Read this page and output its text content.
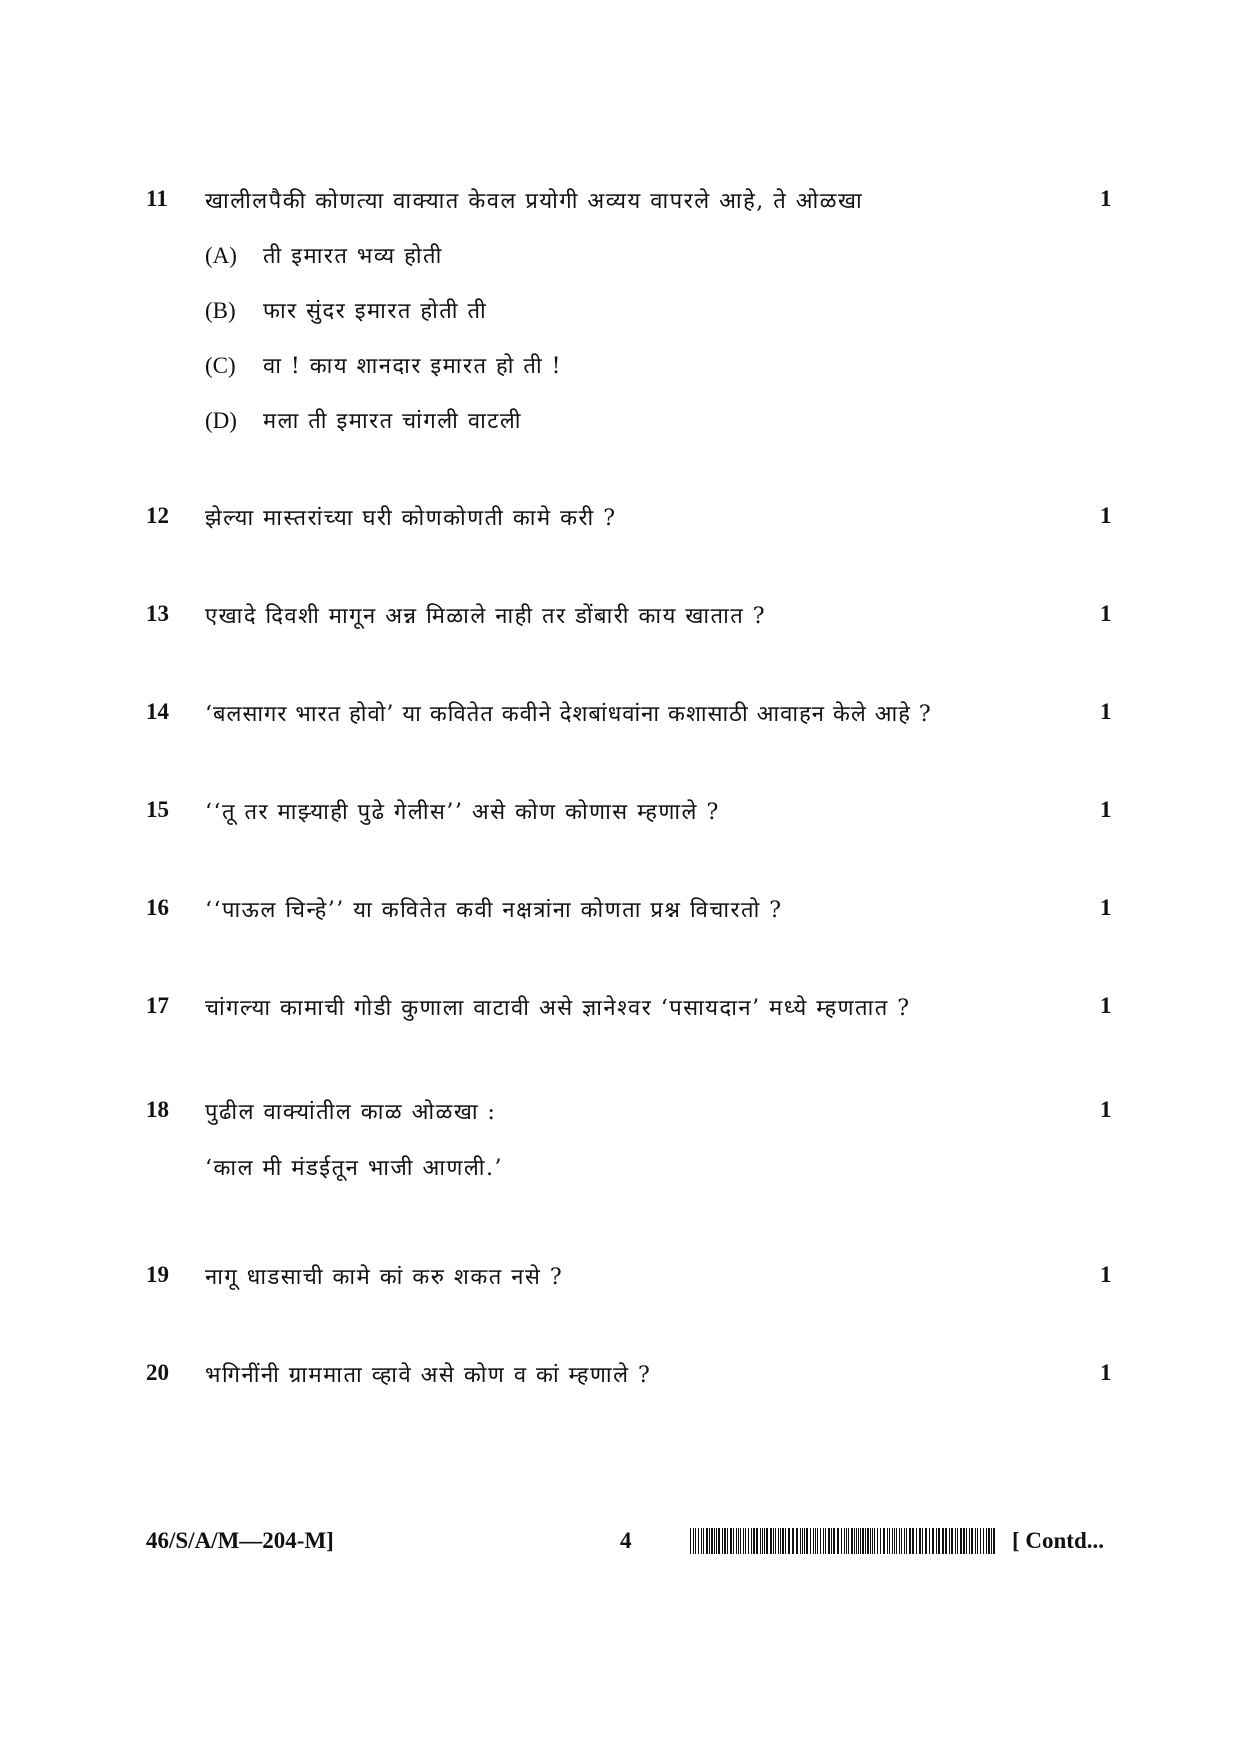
11 खालीलपैकी कोणत्या वाक्यात केवल प्रयोगी अव्यय वापरले आहे, ते ओळखा	1
(A) ती इमारत भव्य होती
(B) फार सुंदर इमारत होती ती
(C) वा ! काय शानदार इमारत हो ती !
(D) मला ती इमारत चांगली वाटली
12 झेल्या मास्तरांच्या घरी कोणकोणती कामे करी ?	1
13 एखादे दिवशी मागून अन्न मिळाले नाही तर डोंबारी काय खातात ?	1
14 ‘बलसागर भारत होवो’ या कवितेत कवीने देशबांधवांना कशासाठी आवाहन केले आहे ?	1
15 ‘‘तू तर माझ्याही पुढे गेलीस’’ असे कोण कोणास म्हणाले ?	1
16 ‘‘पाऊल चिन्हे’’ या कवितेत कवी नक्षत्रांना कोणता प्रश्न विचारतो ?	1
17 चांगल्या कामाची गोडी कुणाला वाटावी असे ज्ञानेश्वर ‘पसायदान’ मध्ये म्हणतात ?	1
18 पुढील वाक्यांतील काळ ओळखा :	1
‘काल मी मंडईतून भाजी आणली.’
19 नागू धाडसाची कामे कां करु शकत नसे ?	1
20 भगिनींनी ग्राममाता व्हावे असे कोण व कां म्हणाले ?	1
46/S/A/M—204-M]	4	[ Contd...
